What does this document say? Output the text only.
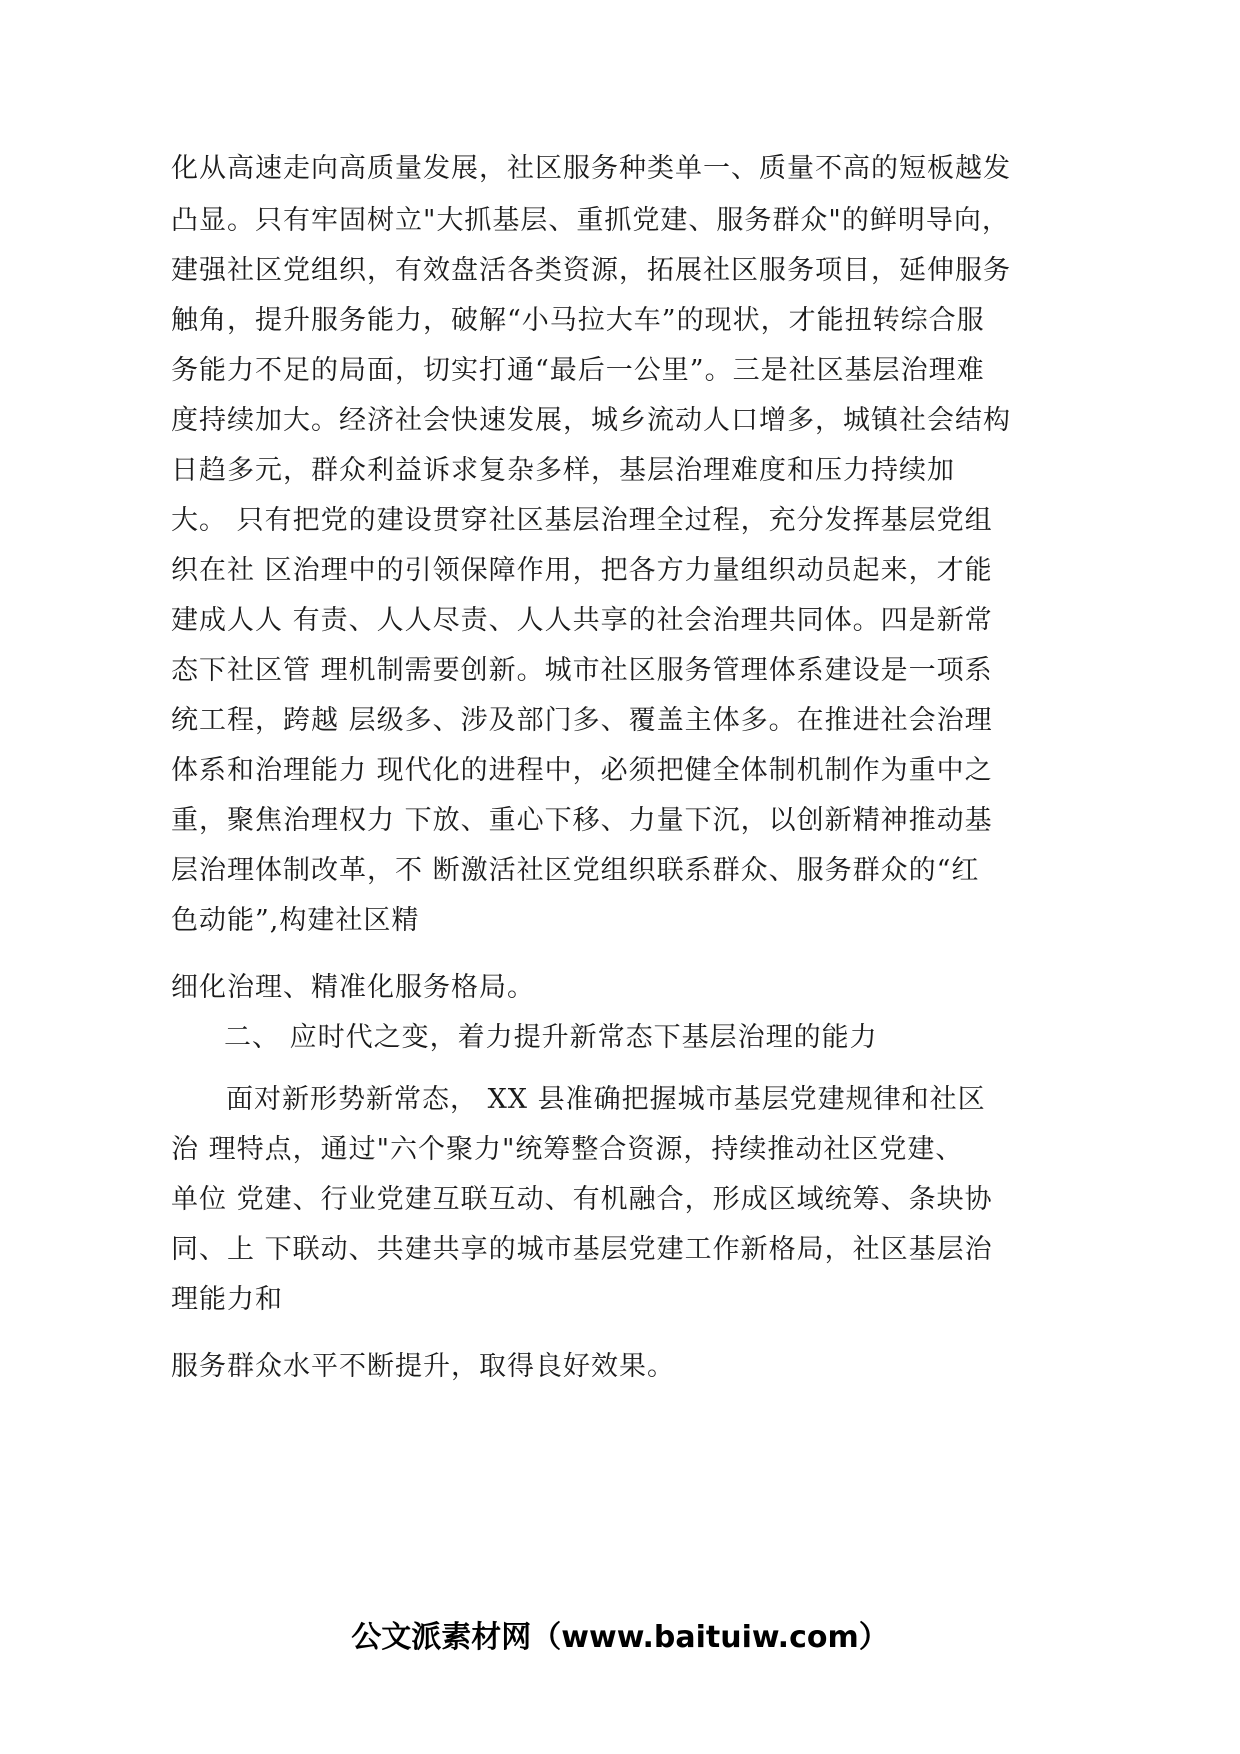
化从高速走向高质量发展，社区服务种类单一、质量不高的短板越发
凸显。只有牢固树立"大抓基层、重抓党建、服务群众"的鲜明导向，
建强社区党组织，有效盘活各类资源，拓展社区服务项目，延伸服务
触角，提升服务能力，破解“小马拉大车”的现状，才能扭转综合服
务能力不足的局面，切实打通“最后一公里”。三是社区基层治理难
度持续加大。经济社会快速发展，城乡流动人口增多，城镇社会结构
日趋多元，群众利益诉求复杂多样，基层治理难度和压力持续加
大。 只有把党的建设贯穿社区基层治理全过程，充分发挥基层党组
织在社 区治理中的引领保障作用，把各方力量组织动员起来，才能
建成人人 有责、人人尽责、人人共享的社会治理共同体。四是新常
态下社区管 理机制需要创新。城市社区服务管理体系建设是一项系
统工程，跨越 层级多、涉及部门多、覆盖主体多。在推进社会治理
体系和治理能力 现代化的进程中，必须把健全体制机制作为重中之
重，聚焦治理权力 下放、重心下移、力量下沉，以创新精神推动基
层治理体制改革，不 断激活社区党组织联系群众、服务群众的“红
色动能”,构建社区精
细化治理、精准化服务格局。
二、 应时代之变，着力提升新常态下基层治理的能力
面对新形势新常态， XX 县准确把握城市基层党建规律和社区
治 理特点，通过"六个聚力"统筹整合资源，持续推动社区党建、
单位 党建、行业党建互联互动、有机融合，形成区域统筹、条块协
同、上 下联动、共建共享的城市基层党建工作新格局，社区基层治
理能力和
服务群众水平不断提升，取得良好效果。
公文派素材网（www.baituiw.com）
